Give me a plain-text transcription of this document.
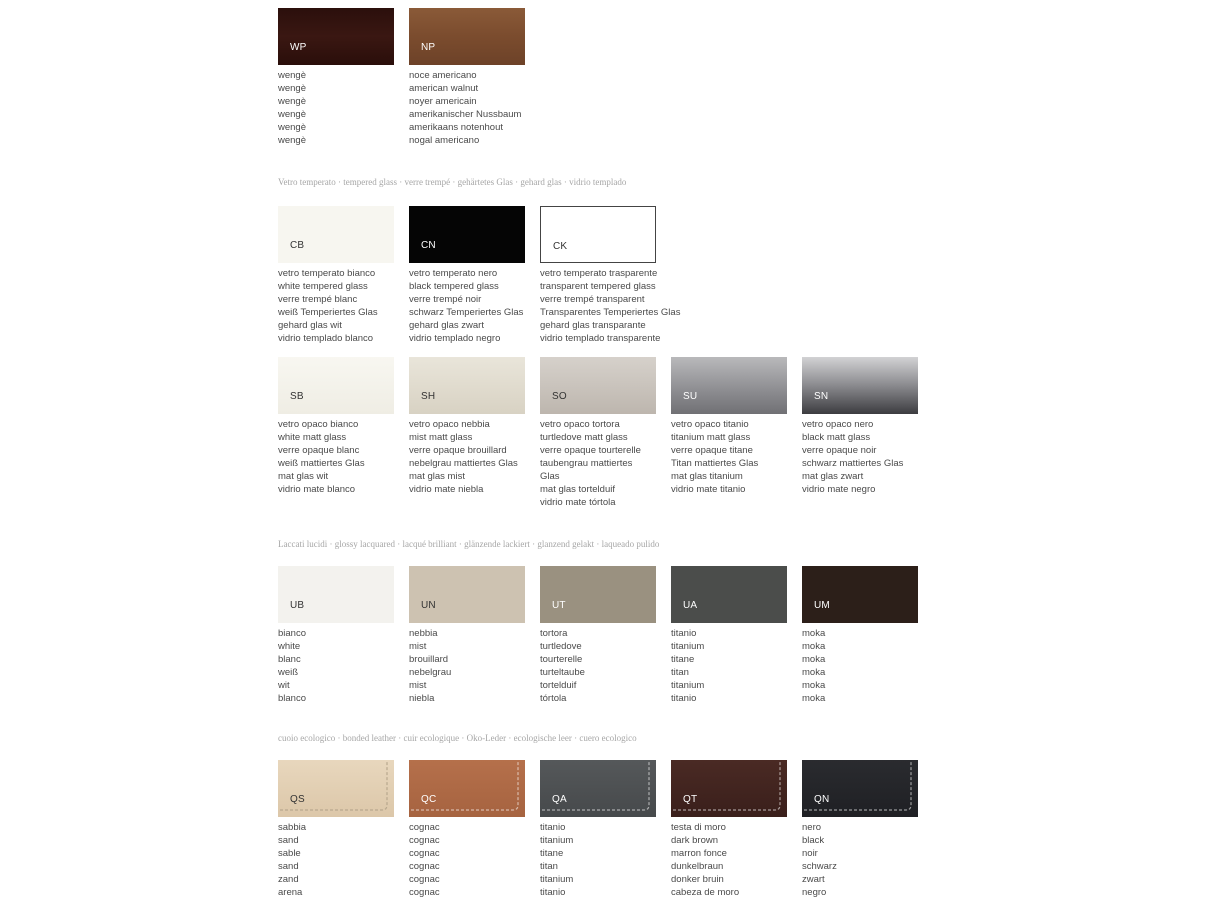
WP
wengè
wengè
wengè
wengè
wengè
wengè
NP
noce americano
american walnut
noyer americain
amerikanischer Nussbaum
amerikaans notenhout
nogal americano
Vetro temperato · tempered glass · verre trempé · gehärtetes Glas · gehard glas · vidrio templado
CB
vetro temperato bianco
white tempered glass
verre trempé blanc
weiß Temperiertes Glas
gehard glas wit
vidrio templado blanco
CN
vetro temperato nero
black tempered glass
verre trempé noir
schwarz Temperiertes Glas
gehard glas zwart
vidrio templado negro
CK
vetro temperato trasparente
transparent tempered glass
verre trempé transparent
Transparentes Temperiertes Glas
gehard glas transparante
vidrio templado transparente
SB
vetro opaco bianco
white matt glass
verre opaque blanc
weiß mattiertes Glas
mat glas wit
vidrio mate blanco
SH
vetro opaco nebbia
mist matt glass
verre opaque brouillard
nebelgrau mattiertes Glas
mat glas mist
vidrio mate niebla
SO
vetro opaco tortora
turtledove matt glass
verre opaque tourterelle
taubengrau mattiertes Glas
mat glas tortelduif
vidrio mate tórtola
SU
vetro opaco titanio
titanium matt glass
verre opaque titane
Titan mattiertes Glas
mat glas titanium
vidrio mate titanio
SN
vetro opaco nero
black matt glass
verre opaque noir
schwarz mattiertes Glas
mat glas zwart
vidrio mate negro
Laccati lucidi · glossy lacquared · lacqué brilliant · glänzende lackiert · glanzend gelakt · laqueado pulido
UB
bianco
white
blanc
weiß
wit
blanco
UN
nebbia
mist
brouillard
nebelgrau
mist
niebla
UT
tortora
turtledove
tourterelle
turteltaube
tortelduif
tórtola
UA
titanio
titanium
titane
titan
titanium
titanio
UM
moka
moka
moka
moka
moka
moka
cuoio ecologico · bonded leather · cuir ecologique · Oko-Leder · ecologische leer · cuero ecologico
QS
sabbia
sand
sable
sand
zand
arena
QC
cognac
cognac
cognac
cognac
cognac
cognac
QA
titanio
titanium
titane
titan
titanium
titanio
QT
testa di moro
dark brown
marron fonce
dunkelbraun
donker bruin
cabeza de moro
QN
nero
black
noir
schwarz
zwart
negro
